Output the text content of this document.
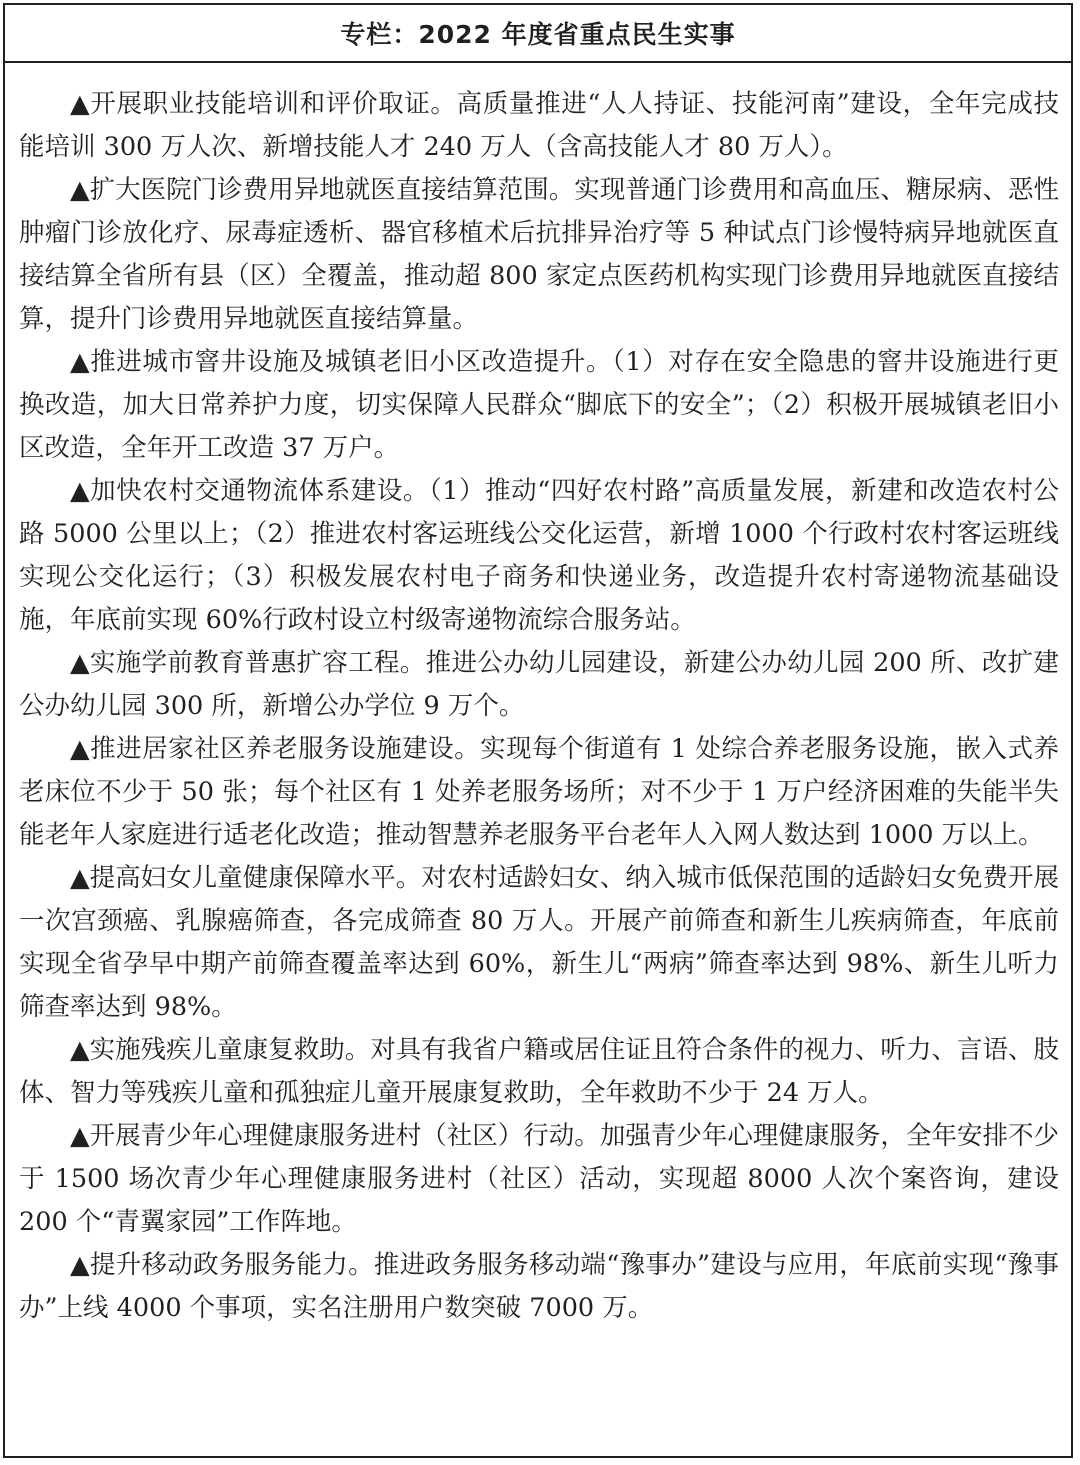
专栏：2022 年度省重点民生实事

▲开展职业技能培训和评价取证。高质量推进“人人持证、技能河南”建设，全年完成技能培训 300 万人次、新增技能人才 240 万人（含高技能人才 80 万人）。

▲扩大医院门诊费用异地就医直接结算范围。实现普通门诊费用和高血压、糖尿病、恶性肿瘤门诊放化疗、尿毒症透析、器官移植术后抗排异治疗等 5 种试点门诊慢特病异地就医直接结算全省所有县（区）全覆盖，推动超 800 家定点医药机构实现门诊费用异地就医直接结算，提升门诊费用异地就医直接结算量。

▲推进城市窨井设施及城镇老旧小区改造提升。（1）对存在安全隐患的窨井设施进行更换改造，加大日常养护力度，切实保障人民群众“脚底下的安全”；（2）积极开展城镇老旧小区改造，全年开工改造 37 万户。

▲加快农村交通物流体系建设。（1）推动“四好农村路”高质量发展，新建和改造农村公路 5000 公里以上；（2）推进农村客运班线公交化运营，新增 1000 个行政村农村客运班线实现公交化运行；（3）积极发展农村电子商务和快递业务，改造提升农村寄递物流基础设施，年底前实现 60%行政村设立村级寄递物流综合服务站。

▲实施学前教育普惠扩容工程。推进公办幼儿园建设，新建公办幼儿园 200 所、改扩建公办幼儿园 300 所，新增公办学位 9 万个。

▲推进居家社区养老服务设施建设。实现每个街道有 1 处综合养老服务设施，嵌入式养老床位不少于 50 张；每个社区有 1 处养老服务场所；对不少于 1 万户经济困难的失能半失能老年人家庭进行适老化改造；推动智慧养老服务平台老年人入网人数达到 1000 万以上。

▲提高妇女儿童健康保障水平。对农村适龄妇女、纳入城市低保范围的适龄妇女免费开展一次宫颈癌、乳腺癌筛查，各完成筛查 80 万人。开展产前筛查和新生儿疾病筛查，年底前实现全省孕早中期产前筛查覆盖率达到 60%，新生儿“两病”筛查率达到 98%、新生儿听力筛查率达到 98%。

▲实施残疾儿童康复救助。对具有我省户籍或居住证且符合条件的视力、听力、言语、肢体、智力等残疾儿童和孤独症儿童开展康复救助，全年救助不少于 24 万人。

▲开展青少年心理健康服务进村（社区）行动。加强青少年心理健康服务，全年安排不少于 1500 场次青少年心理健康服务进村（社区）活动，实现超 8000 人次个案咨询，建设 200 个“青翼家园”工作阵地。

▲提升移动政务服务能力。推进政务服务移动端“豫事办”建设与应用，年底前实现“豫事办”上线 4000 个事项，实名注册用户数突破 7000 万。
